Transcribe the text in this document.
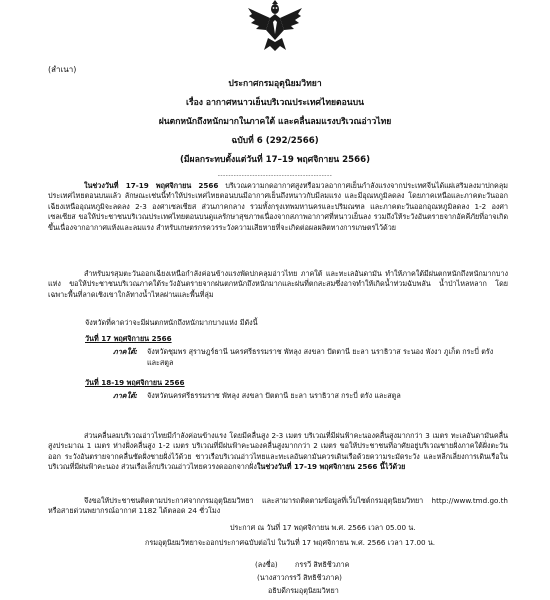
(สำเนา)
ประกาศกรมอุตุนิยมวิทยา
เรื่อง อากาศหนาวเย็นบริเวณประเทศไทยตอนบน
ฝนตกหนักถึงหนักมากในภาคใต้ และคลื่นลมแรงบริเวณอ่าวไทย
ฉบับที่ 6 (292/2566)
(มีผลกระทบตั้งแต่วันที่ 17–19 พฤศจิกายน 2566)
-------------------------------------------
ในช่วงวันที่ 17-19 พฤศจิกายน 2566 บริเวณความกดอากาศสูงหรือมวลอากาศเย็นกำลังแรงจากประเทศจีนได้แผ่เสริมลงมาปกคลุมประเทศไทยตอนบนแล้ว ลักษณะเช่นนี้ทำให้ประเทศไทยตอนบนมีอากาศเย็นถึงหนาวกับมีลมแรง และมีอุณหภูมิลดลง โดยภาคเหนือและภาคตะวันออกเฉียงเหนืออุณหภูมิจะลดลง 2-3 องศาเซลเซียส ส่วนภาคกลาง รวมทั้งกรุงเทพมหานครและปริมณฑล และภาคตะวันออกอุณหภูมิลดลง 1-2 องศาเซลเซียส ขอให้ประชาชนบริเวณประเทศไทยตอนบนดูแลรักษาสุขภาพเนื่องจากสภาพอากาศที่หนาวเย็นลง รวมถึงให้ระวังอันตรายจากอัคคีภัยที่อาจเกิดขึ้นเนื่องจากอากาศแห้งและลมแรง สำหรับเกษตรกรควรระวังความเสียหายที่จะเกิดต่อผลผลิตทางการเกษตรไว้ด้วย
สำหรับมรสุมตะวันออกเฉียงเหนือกำลังค่อนข้างแรงพัดปกคลุมอ่าวไทย ภาคใต้ และทะเลอันดามัน ทำให้ภาคใต้มีฝนตกหนักถึงหนักมากบางแห่ง ขอให้ประชาชนบริเวณภาคใต้ระวังอันตรายจากฝนตกหนักถึงหนักมากและฝนที่ตกสะสมซึ่งอาจทำให้เกิดน้ำท่วมฉับพลัน น้ำป่าไหลหลาก โดยเฉพาะพื้นที่ลาดเชิงเขาใกล้ทางน้ำไหลผ่านและพื้นที่ลุ่ม
จังหวัดที่คาดว่าจะมีฝนตกหนักถึงหนักมากบางแห่ง มีดังนี้
วันที่ 17 พฤศจิกายน 2566
ภาคใต้:	จังหวัดชุมพร สุราษฎร์ธานี นครศรีธรรมราช พัทลุง สงขลา ปัตตานี ยะลา นราธิวาส ระนอง พังงา ภูเก็ต กระบี่ ตรัง และสตูล
วันที่ 18-19 พฤศจิกายน 2566
ภาคใต้:	จังหวัดนครศรีธรรมราช พัทลุง สงขลา ปัตตานี ยะลา นราธิวาส กระบี่ ตรัง และสตูล
ส่วนคลื่นลมบริเวณอ่าวไทยมีกำลังค่อนข้างแรง โดยมีคลื่นสูง 2-3 เมตร บริเวณที่มีฝนฟ้าคะนองคลื่นสูงมากกว่า 3 เมตร ทะเลอันดามันคลื่นสูงประมาณ 1 เมตร ห่างฝั่งคลื่นสูง 1-2 เมตร บริเวณที่มีฝนฟ้าคะนองคลื่นสูงมากกว่า 2 เมตร ขอให้ประชาชนที่อาศัยอยู่บริเวณชายฝั่งภาคใต้ฝั่งตะวันออก ระวังอันตรายจากคลื่นซัดฝั่งชายฝั่งไว้ด้วย ชาวเรือบริเวณอ่าวไทยและทะเลอันดามันควรเดินเรือด้วยความระมัดระวัง และหลีกเลี่ยงการเดินเรือในบริเวณที่มีฝนฟ้าคะนอง ส่วนเรือเล็กบริเวณอ่าวไทยควรงดออกจากฝั่งในช่วงวันที่ 17-19 พฤศจิกายน 2566 นี้ไว้ด้วย
จึงขอให้ประชาชนติดตามประกาศจากกรมอุตุนิยมวิทยา และสามารถติดตามข้อมูลที่เว็บไซต์กรมอุตุนิยมวิทยา http://www.tmd.go.th หรือสายด่วนพยากรณ์อากาศ 1182 ได้ตลอด 24 ชั่วโมง
ประกาศ ณ วันที่ 17 พฤศจิกายน พ.ศ. 2566 เวลา 05.00 น.
กรมอุตุนิยมวิทยาจะออกประกาศฉบับต่อไป ในวันที่ 17 พฤศจิกายน พ.ศ. 2566 เวลา 17.00 น.
(ลงชื่อ) กรรวี สิทธิชีวภาค
(นางสาวกรรวี สิทธิชีวภาค)
อธิบดีกรมอุตุนิยมวิทยา
